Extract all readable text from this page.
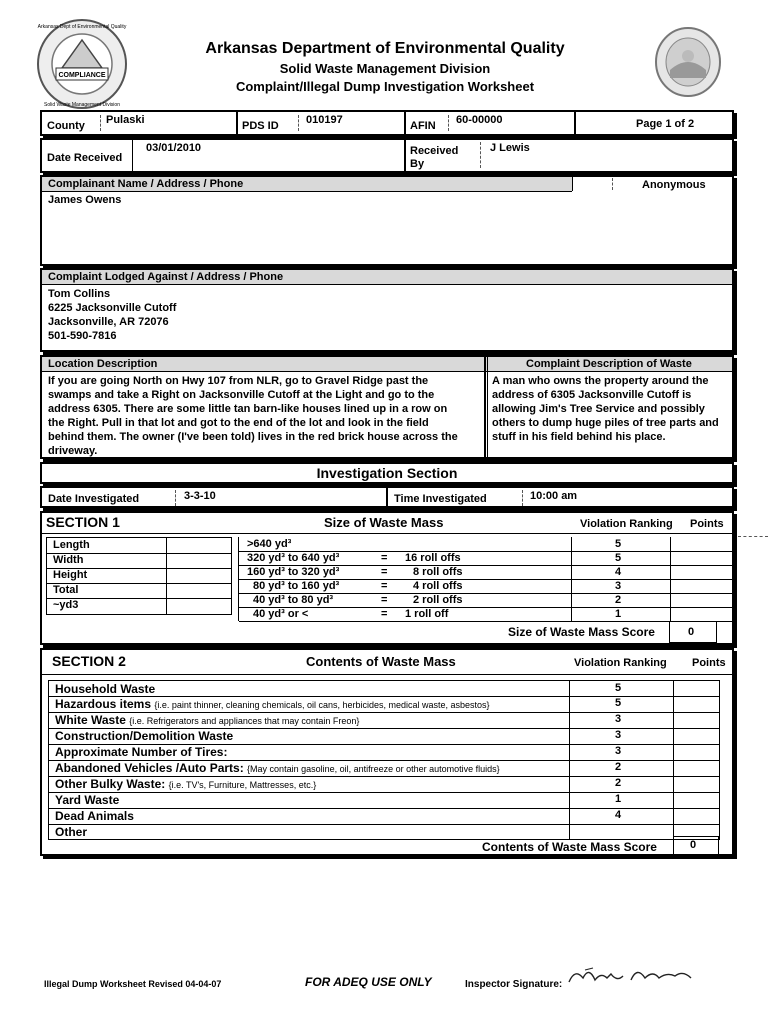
COMPLIANCE
Arkansas Dept of Environmental Quality
Solid Waste Management Division
Arkansas Department of Environmental Quality
Solid Waste Management Division
Complaint/Illegal Dump Investigation Worksheet
County Pulaski	PDS ID 010197	AFIN 60-00000	Page 1 of 2
Date Received
03/01/2010	Received
By
J Lewis
Complainant Name / Address / Phone	Anonymous
James Owens
Complaint Lodged Against / Address / Phone
Tom Collins
6225 Jacksonville Cutoff
Jacksonville, AR 72076
501-590-7816
Location Description	Complaint Description of Waste
If you are going North on Hwy 107 from NLR, go to Gravel Ridge past the
swamps and take a Right on Jacksonville Cutoff at the Light and go to the
address 6305. There are some little tan barn-like houses lined up in a row on
the Right. Pull in that lot and got to the end of the lot and look in the field
behind them. The owner (I've been told) lives in the red brick house across the
driveway.
A man who owns the property around the
address of 6305 Jacksonville Cutoff is
allowing Jim's Tree Service and possibly
others to dump huge piles of tree parts and
stuff in his field behind his place.
Investigation Section
Date Investigated	3-3-10	Time Investigated	10:00 am
SECTION 1	Size of Waste Mass	Violation Ranking Points
Length
Width
Height
Total
~yd3
>640 yd³	5
320 yd³ to 640 yd³	= 16 roll offs	5
160 yd³ to 320 yd³	= 8 roll offs	4
80 yd³ to 160 yd³	= 4 roll offs	3
40 yd³ to 80 yd³	= 2 roll offs	2
40 yd³ or <	= 1 roll off	1
Size of Waste Mass Score	0
SECTION 2	Contents of Waste Mass	Violation Ranking Points
Household Waste	5
Hazardous items {i.e. paint thinner, cleaning chemicals, oil cans, herbicides, medical waste, asbestos}	5
White Waste {i.e. Refrigerators and appliances that may contain Freon}	3
Construction/Demolition Waste	3
Approximate Number of Tires:	3
Abandoned Vehicles /Auto Parts: {May contain gasoline, oil, antifreeze or other automotive fluids}	2
Other Bulky Waste: {i.e. TV's, Furniture, Mattresses, etc.}	2
Yard Waste	1
Dead Animals	4
Other
Contents of Waste Mass Score	0
Illegal Dump Worksheet Revised 04-04-07	FOR ADEQ USE ONLY	Inspector Signature:
